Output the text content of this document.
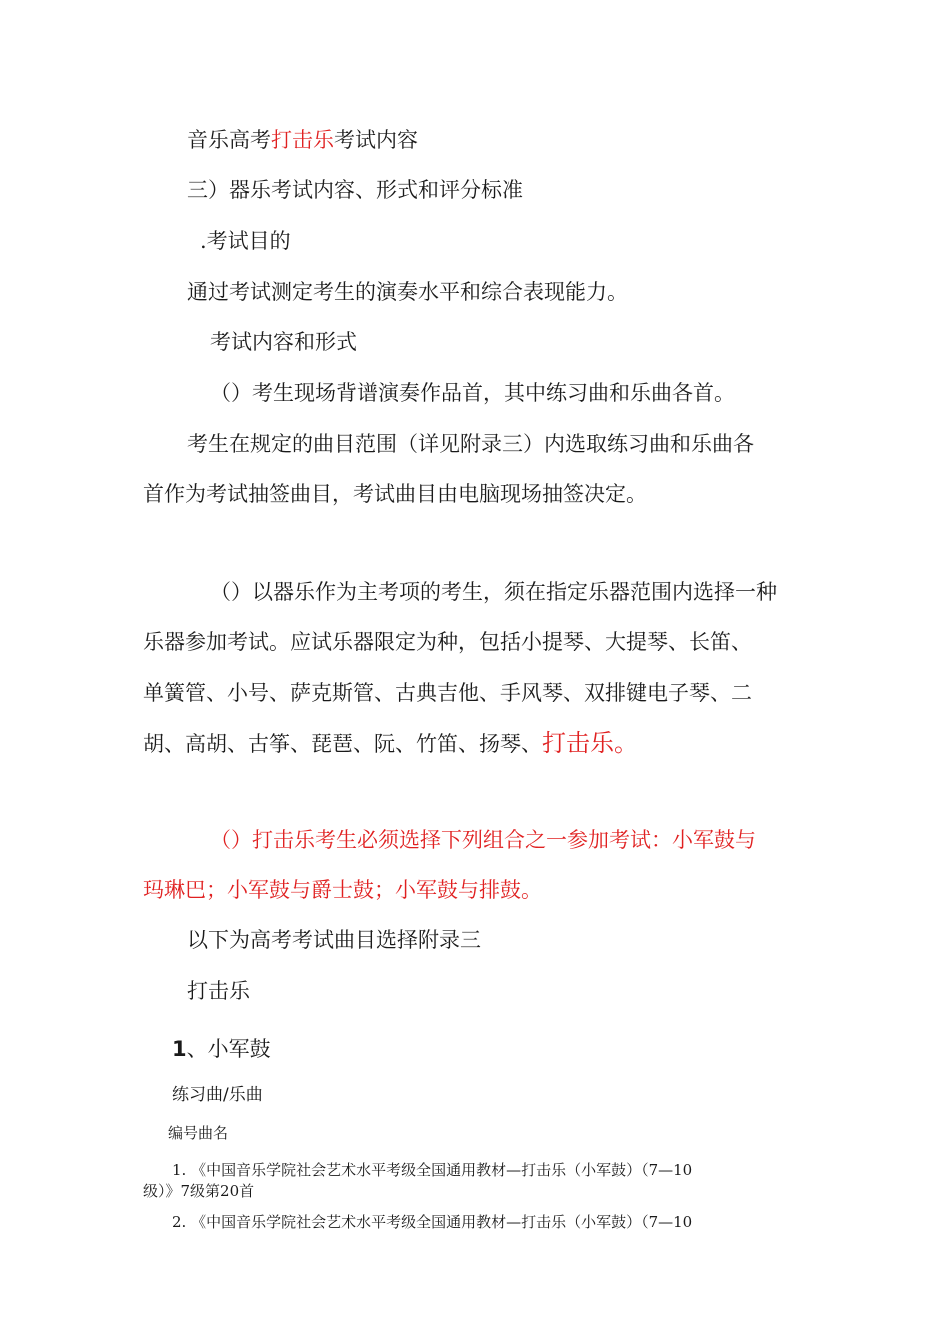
音乐高考打击乐考试内容
三）器乐考试内容、形式和评分标准
.考试目的
通过考试测定考生的演奏水平和综合表现能力。
考试内容和形式
（）考生现场背谱演奏作品首，其中练习曲和乐曲各首。
考生在规定的曲目范围（详见附录三）内选取练习曲和乐曲各
首作为考试抽签曲目，考试曲目由电脑现场抽签决定。
（）以器乐作为主考项的考生，须在指定乐器范围内选择一种
乐器参加考试。应试乐器限定为种，包括小提琴、大提琴、长笛、
单簧管、小号、萨克斯管、古典吉他、手风琴、双排键电子琴、二
胡、高胡、古筝、琵琶、阮、竹笛、扬琴、打击乐。
（）打击乐考生必须选择下列组合之一参加考试：小军鼓与
玛琳巴；小军鼓与爵士鼓；小军鼓与排鼓。
以下为高考考试曲目选择附录三
打击乐
1、小军鼓
练习曲/乐曲
编号曲名
1. 《中国音乐学院社会艺术水平考级全国通用教材—打击乐（小军鼓）（7—10
级）》7级第20首
2. 《中国音乐学院社会艺术水平考级全国通用教材—打击乐（小军鼓）（7—10
